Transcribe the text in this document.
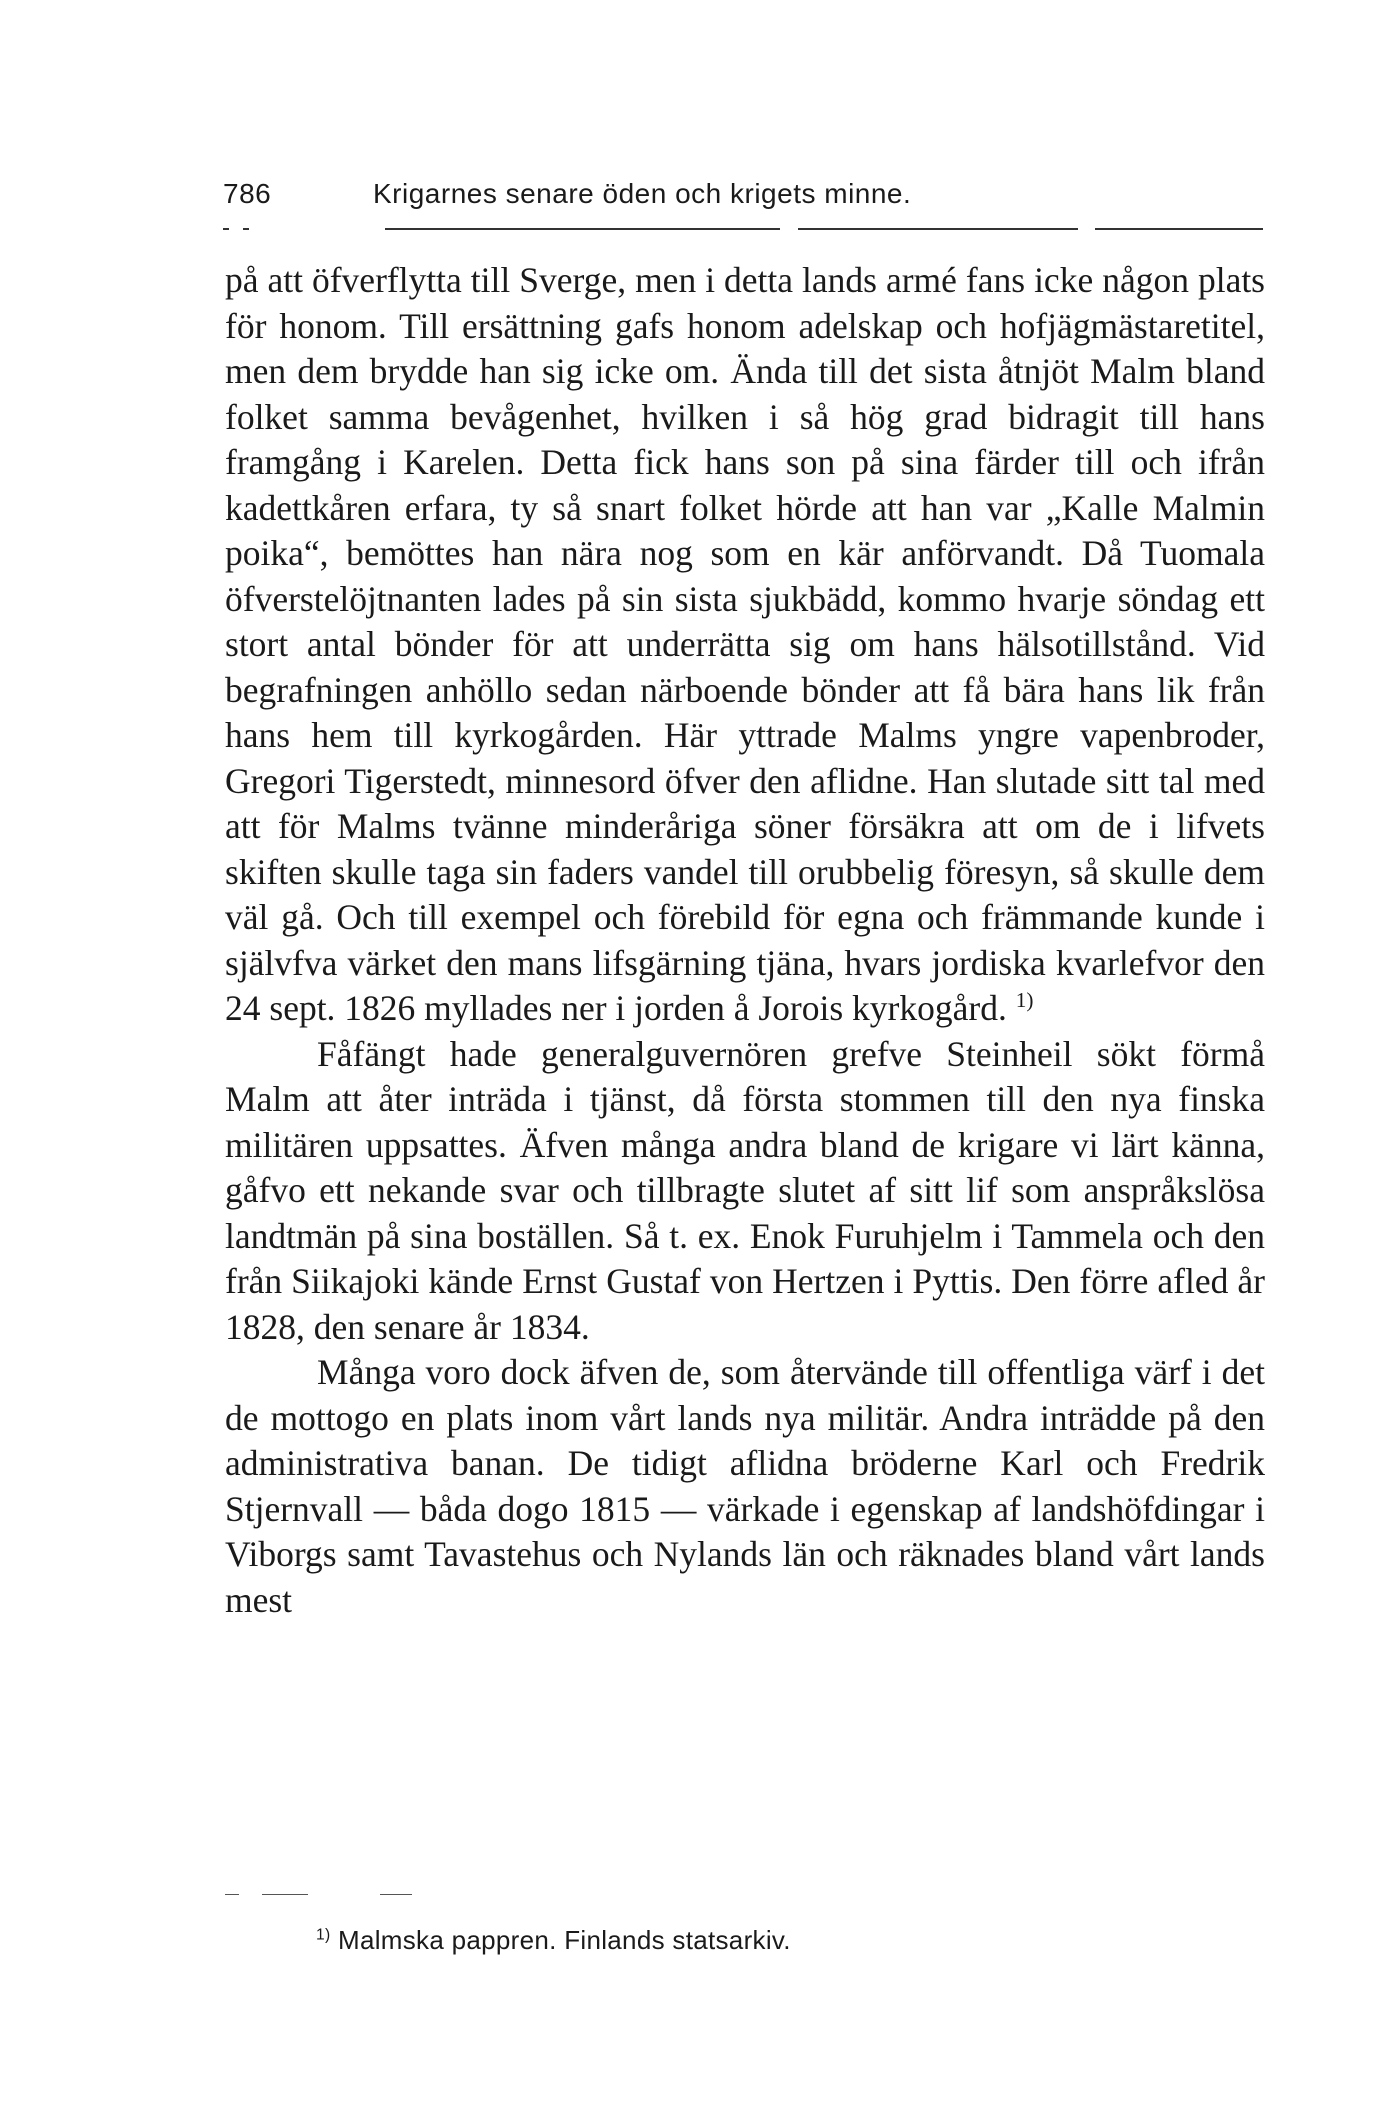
786	Krigarnes senare öden och krigets minne.

på att öfverflytta till Sverge, men i detta lands armé fans icke någon plats för honom. Till ersättning gafs honom adelskap och hofjägmästaretitel, men dem brydde han sig icke om. Ända till det sista åtnjöt Malm bland folket samma bevågenhet, hvilken i så hög grad bidragit till hans framgång i Karelen. Detta fick hans son på sina färder till och ifrån kadettkåren erfara, ty så snart folket hörde att han var „Kalle Malmin poika“, bemöttes han nära nog som en kär anförvandt. Då Tuomala öfverstelöjtnanten lades på sin sista sjukbädd, kommo hvarje söndag ett stort antal bönder för att underrätta sig om hans hälsotillstånd. Vid begrafningen anhöllo sedan närboende bönder att få bära hans lik från hans hem till kyrkogården. Här yttrade Malms yngre vapenbroder, Gregori Tigerstedt, minnesord öfver den aflidne. Han slutade sitt tal med att för Malms tvänne minderåriga söner försäkra att om de i lifvets skiften skulle taga sin faders vandel till orubbelig föresyn, så skulle dem väl gå. Och till exempel och förebild för egna och främmande kunde i självfva värket den mans lifsgärning tjäna, hvars jordiska kvarlefvor den 24 sept. 1826 myllades ner i jorden å Jorois kyrkogård. $^{1)}$

Fåfängt hade generalguvernören grefve Steinheil sökt förmå Malm att åter inträda i tjänst, då första stommen till den nya finska militären uppsattes. Äfven många andra bland de krigare vi lärt känna, gåfvo ett nekande svar och tillbragte slutet af sitt lif som anspråkslösa landtmän på sina boställen. Så t. ex. Enok Furuhjelm i Tammela och den från Siikajoki kände Ernst Gustaf von Hertzen i Pyttis. Den förre afled år 1828, den senare år 1834.

Många voro dock äfven de, som återvände till offentliga värf i det de mottogo en plats inom vårt lands nya militär. Andra inträdde på den administrativa banan. De tidigt aflidna bröderne Karl och Fredrik Stjernvall — båda dogo 1815 — värkade i egenskap af landshöfdingar i Viborgs samt Tavastehus och Nylands län och räknades bland vårt lands mest

$^{1)}$ Malmska pappren. Finlands statsarkiv.
